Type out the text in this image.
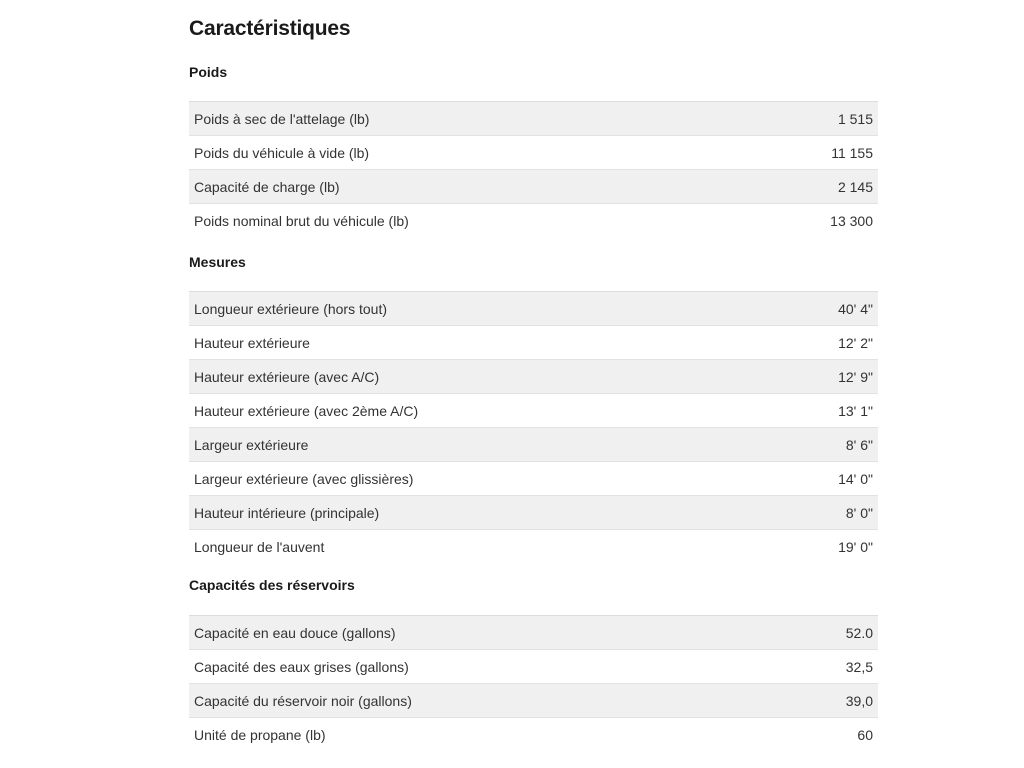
Caractéristiques
Poids
Poids à sec de l'attelage (lb)	1 515
Poids du véhicule à vide (lb)	11 155
Capacité de charge (lb)	2 145
Poids nominal brut du véhicule (lb)	13 300
Mesures
Longueur extérieure (hors tout)	40' 4"
Hauteur extérieure	12' 2"
Hauteur extérieure (avec A/C)	12' 9"
Hauteur extérieure (avec 2ème A/C)	13' 1"
Largeur extérieure	8' 6"
Largeur extérieure (avec glissières)	14' 0"
Hauteur intérieure (principale)	8' 0"
Longueur de l'auvent	19' 0"
Capacités des réservoirs
Capacité en eau douce (gallons)	52.0
Capacité des eaux grises (gallons)	32,5
Capacité du réservoir noir (gallons)	39,0
Unité de propane (lb)	60
